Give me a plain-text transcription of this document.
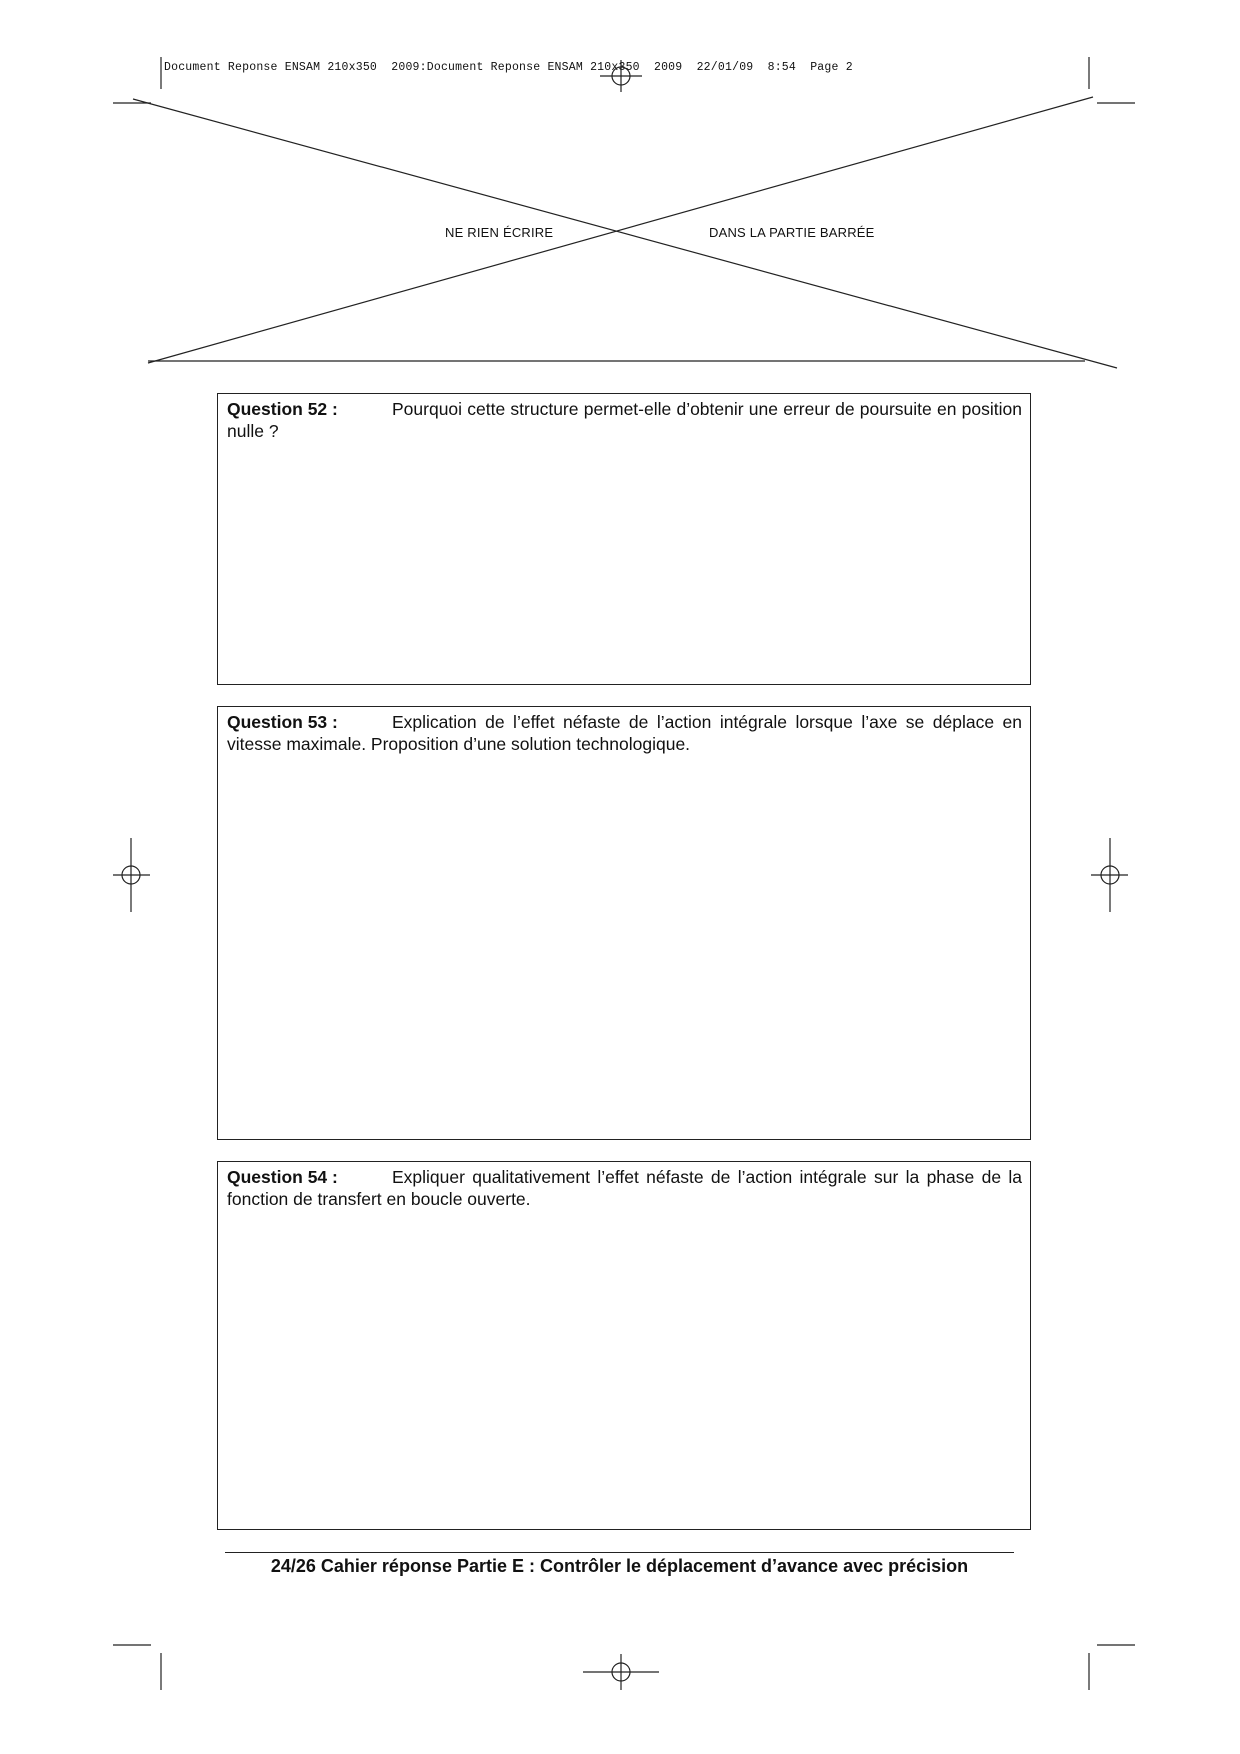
Document Reponse ENSAM 210x350  2009:Document Reponse ENSAM 210x350  2009  22/01/09  8:54  Page 2
NE RIEN ÉCRIRE	DANS LA PARTIE BARRÉE
Question 52 :	Pourquoi cette structure permet-elle d’obtenir une erreur de poursuite en position nulle ?
Question 53 :	Explication de l’effet néfaste de l’action intégrale lorsque l’axe se déplace en vitesse maximale. Proposition d’une solution technologique.
Question 54 :	Expliquer qualitativement l’effet néfaste de l’action intégrale sur la phase de la fonction de transfert en boucle ouverte.
24/26 Cahier réponse Partie E : Contrôler le déplacement d’avance avec précision
